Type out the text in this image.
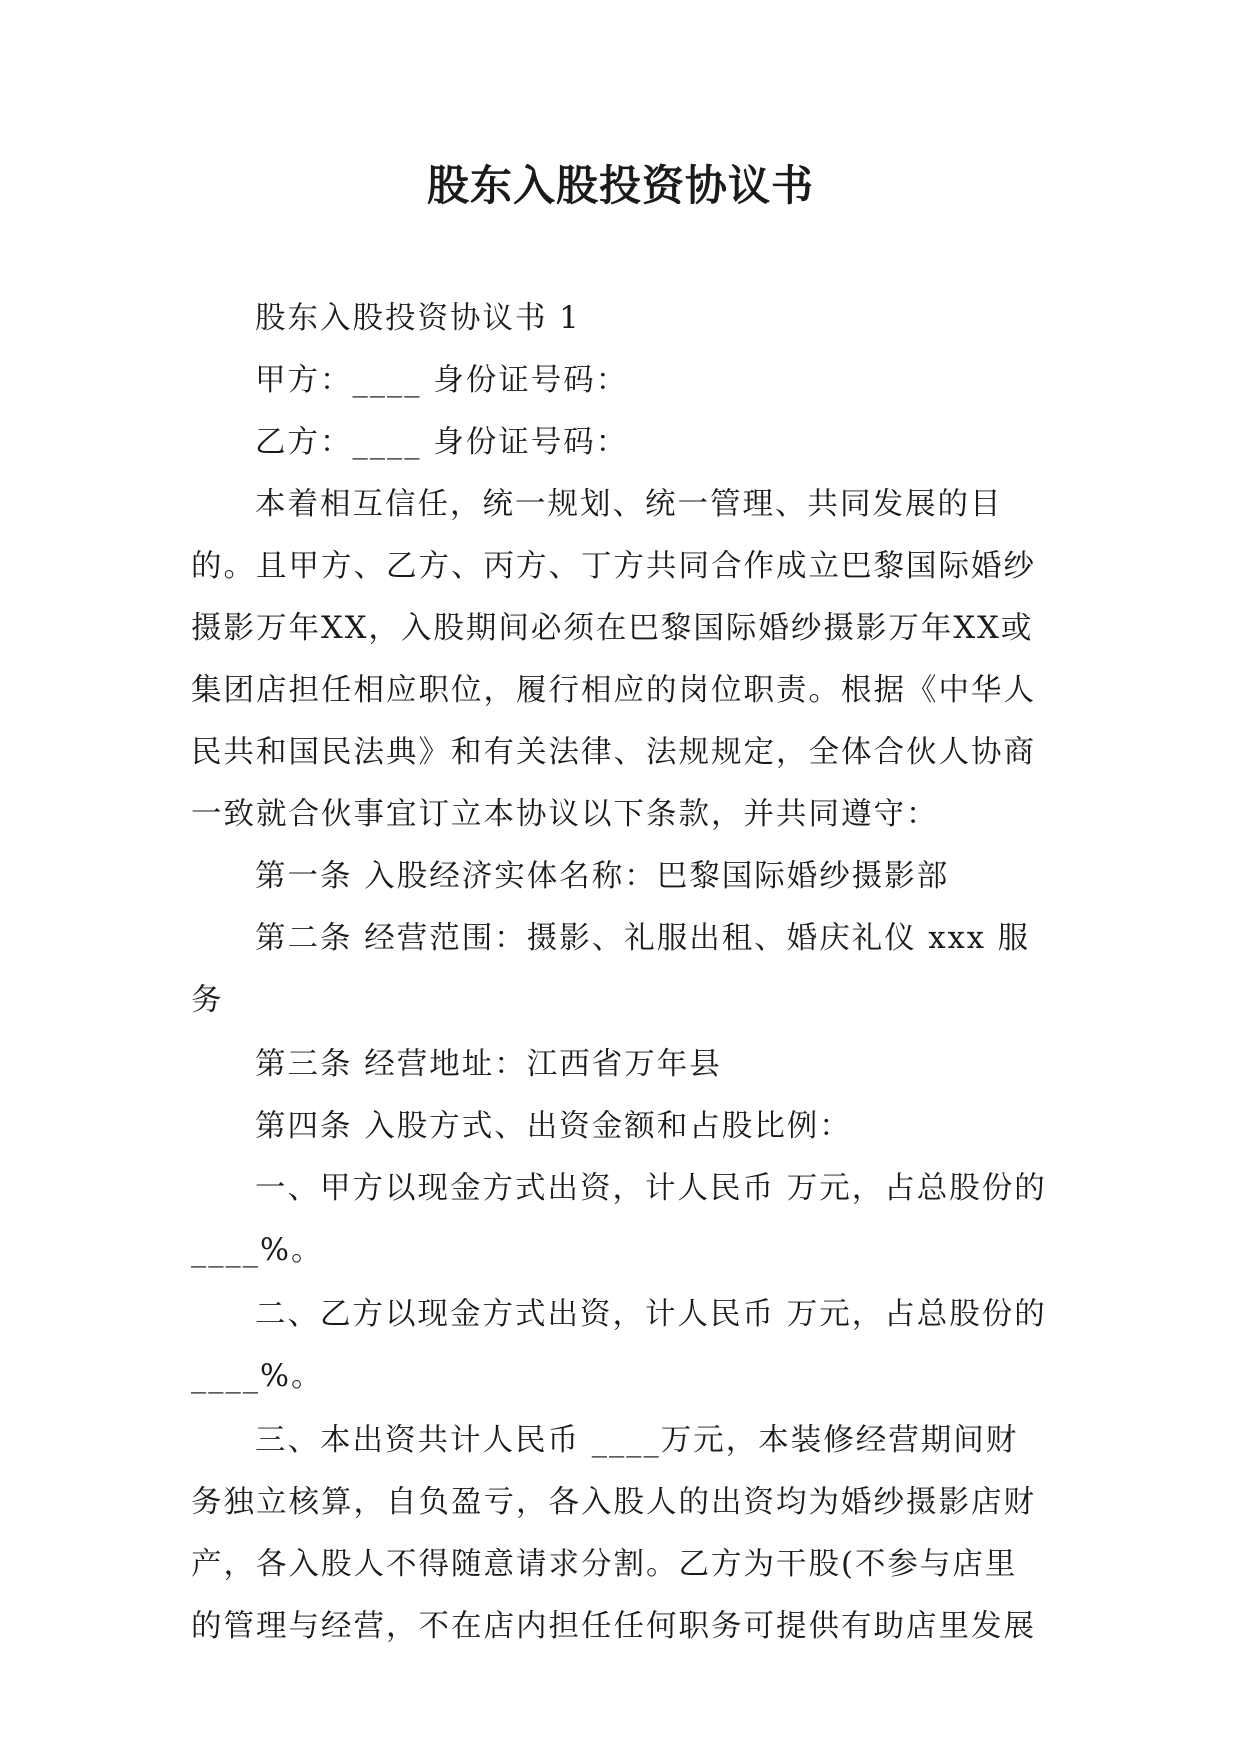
股东入股投资协议书

股东入股投资协议书 1

甲方：____ 身份证号码：

乙方：____ 身份证号码：

本着相互信任，统一规划、统一管理、共同发展的目的。且甲方、乙方、丙方、丁方共同合作成立巴黎国际婚纱摄影万年XX，入股期间必须在巴黎国际婚纱摄影万年XX或集团店担任相应职位，履行相应的岗位职责。根据《中华人民共和国民法典》和有关法律、法规规定，全体合伙人协商一致就合伙事宜订立本协议以下条款，并共同遵守：

第一条 入股经济实体名称：巴黎国际婚纱摄影部

第二条 经营范围：摄影、礼服出租、婚庆礼仪 xxx 服务

第三条 经营地址：江西省万年县

第四条 入股方式、出资金额和占股比例：

一、甲方以现金方式出资，计人民币 万元，占总股份的 ____%。

二、乙方以现金方式出资，计人民币 万元，占总股份的 ____%。

三、本出资共计人民币 ____万元，本装修经营期间财务独立核算，自负盈亏，各入股人的出资均为婚纱摄影店财产，各入股人不得随意请求分割。乙方为干股(不参与店里的管理与经营，不在店内担任任何职务可提供有助店里发展
